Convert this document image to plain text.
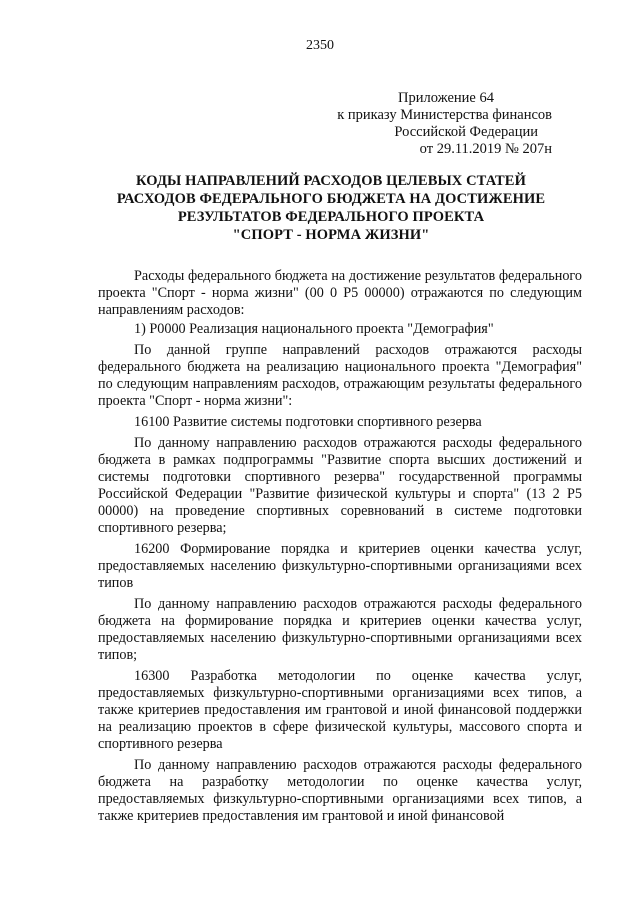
2350
Приложение 64
к приказу Министерства финансов
Российской Федерации
от 29.11.2019 № 207н
КОДЫ НАПРАВЛЕНИЙ РАСХОДОВ ЦЕЛЕВЫХ СТАТЕЙ
РАСХОДОВ ФЕДЕРАЛЬНОГО БЮДЖЕТА НА ДОСТИЖЕНИЕ
РЕЗУЛЬТАТОВ ФЕДЕРАЛЬНОГО ПРОЕКТА
"СПОРТ - НОРМА ЖИЗНИ"

Расходы федерального бюджета на достижение результатов федерального проекта "Спорт - норма жизни" (00 0 P5 00000) отражаются по следующим направлениям расходов:

1) P0000 Реализация национального проекта "Демография"

По данной группе направлений расходов отражаются расходы федерального бюджета на реализацию национального проекта "Демография" по следующим направлениям расходов, отражающим результаты федерального проекта "Спорт - норма жизни":

16100 Развитие системы подготовки спортивного резерва

По данному направлению расходов отражаются расходы федерального бюджета в рамках подпрограммы "Развитие спорта высших достижений и системы подготовки спортивного резерва" государственной программы Российской Федерации "Развитие физической культуры и спорта" (13 2 P5 00000) на проведение спортивных соревнований в системе подготовки спортивного резерва;

16200 Формирование порядка и критериев оценки качества услуг, предоставляемых населению физкультурно-спортивными организациями всех типов

По данному направлению расходов отражаются расходы федерального бюджета на формирование порядка и критериев оценки качества услуг, предоставляемых населению физкультурно-спортивными организациями всех типов;

16300 Разработка методологии по оценке качества услуг, предоставляемых физкультурно-спортивными организациями всех типов, а также критериев предоставления им грантовой и иной финансовой поддержки на реализацию проектов в сфере физической культуры, массового спорта и спортивного резерва

По данному направлению расходов отражаются расходы федерального бюджета на разработку методологии по оценке качества услуг, предоставляемых физкультурно-спортивными организациями всех типов, а также критериев предоставления им грантовой и иной финансовой
